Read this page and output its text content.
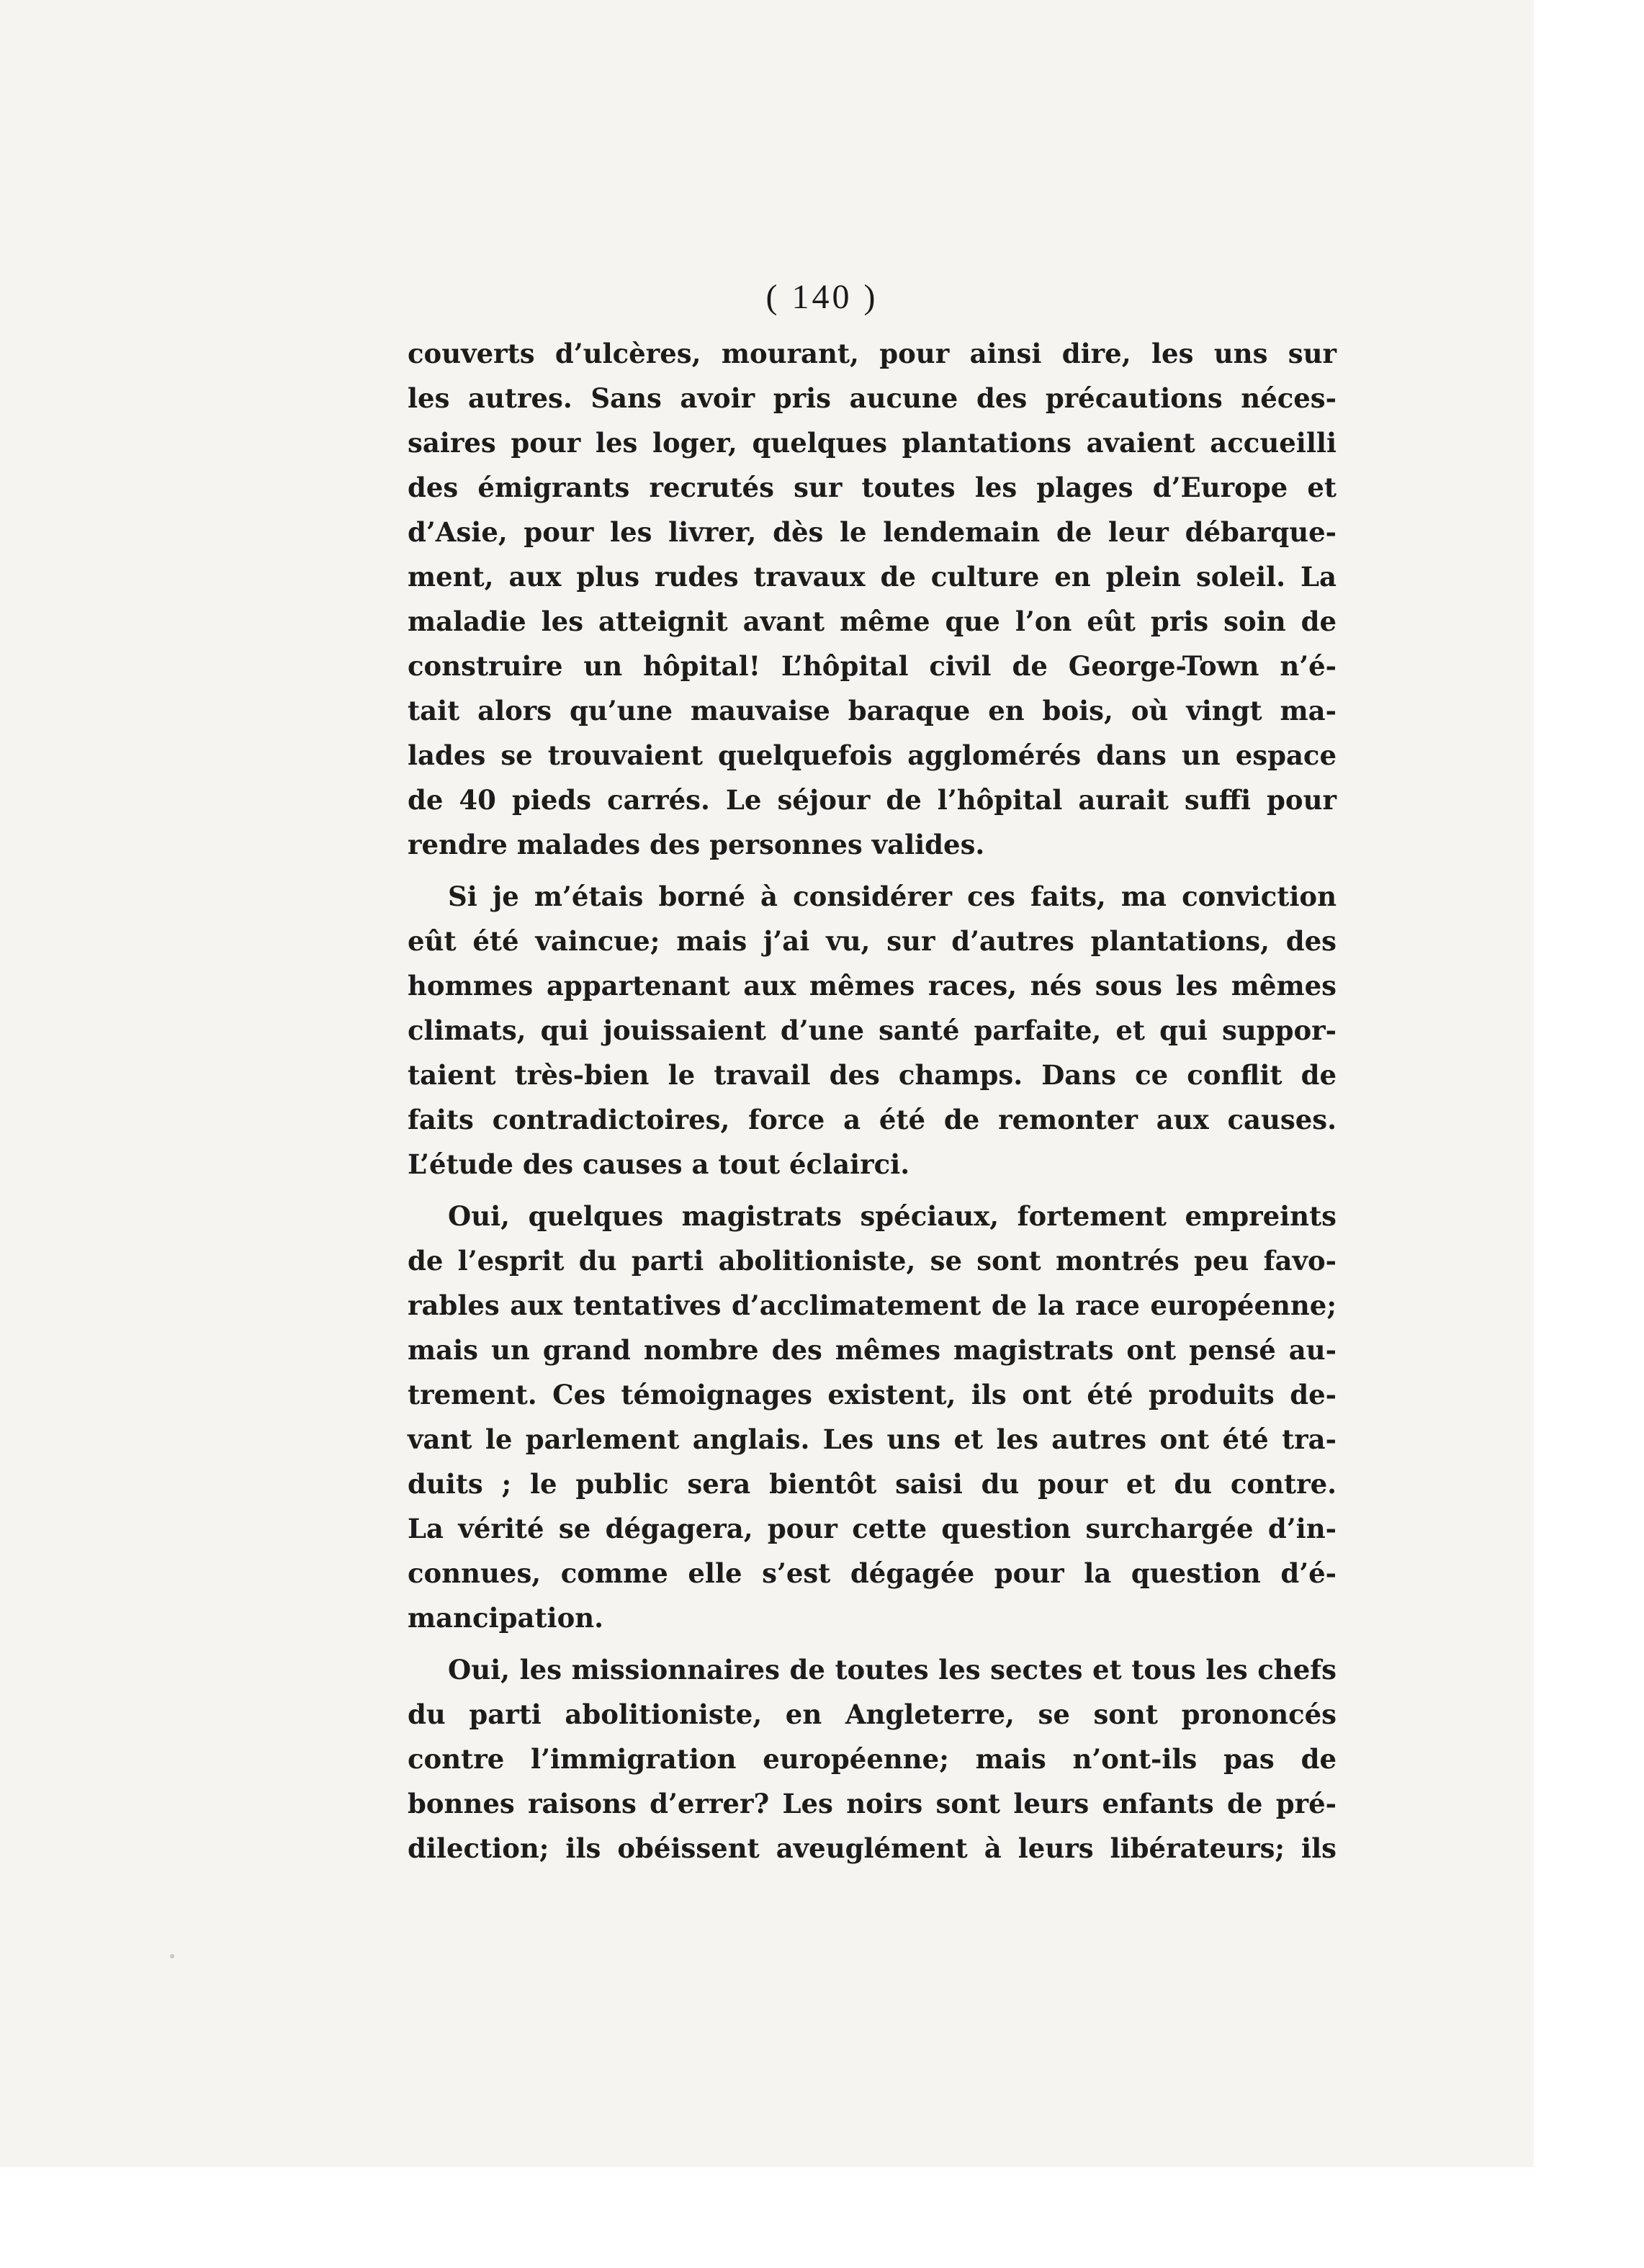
( 140 )
couverts d’ulcères, mourant, pour ainsi dire, les uns sur
les autres. Sans avoir pris aucune des précautions néces-
saires pour les loger, quelques plantations avaient accueilli
des émigrants recrutés sur toutes les plages d’Europe et
d’Asie, pour les livrer, dès le lendemain de leur débarque-
ment, aux plus rudes travaux de culture en plein soleil. La
maladie les atteignit avant même que l’on eût pris soin de
construire un hôpital! L’hôpital civil de George-Town n’é-
tait alors qu’une mauvaise baraque en bois, où vingt ma-
lades se trouvaient quelquefois agglomérés dans un espace
de 40 pieds carrés. Le séjour de l’hôpital aurait suffi pour
rendre malades des personnes valides.
Si je m’étais borné à considérer ces faits, ma conviction
eût été vaincue; mais j’ai vu, sur d’autres plantations, des
hommes appartenant aux mêmes races, nés sous les mêmes
climats, qui jouissaient d’une santé parfaite, et qui suppor-
taient très-bien le travail des champs. Dans ce conflit de
faits contradictoires, force a été de remonter aux causes.
L’étude des causes a tout éclairci.
Oui, quelques magistrats spéciaux, fortement empreints
de l’esprit du parti abolitioniste, se sont montrés peu favo-
rables aux tentatives d’acclimatement de la race européenne;
mais un grand nombre des mêmes magistrats ont pensé au-
trement. Ces témoignages existent, ils ont été produits de-
vant le parlement anglais. Les uns et les autres ont été tra-
duits ; le public sera bientôt saisi du pour et du contre.
La vérité se dégagera, pour cette question surchargée d’in-
connues, comme elle s’est dégagée pour la question d’é-
mancipation.
Oui, les missionnaires de toutes les sectes et tous les chefs
du parti abolitioniste, en Angleterre, se sont prononcés
contre l’immigration européenne; mais n’ont-ils pas de
bonnes raisons d’errer? Les noirs sont leurs enfants de pré-
dilection; ils obéissent aveuglément à leurs libérateurs; ils
